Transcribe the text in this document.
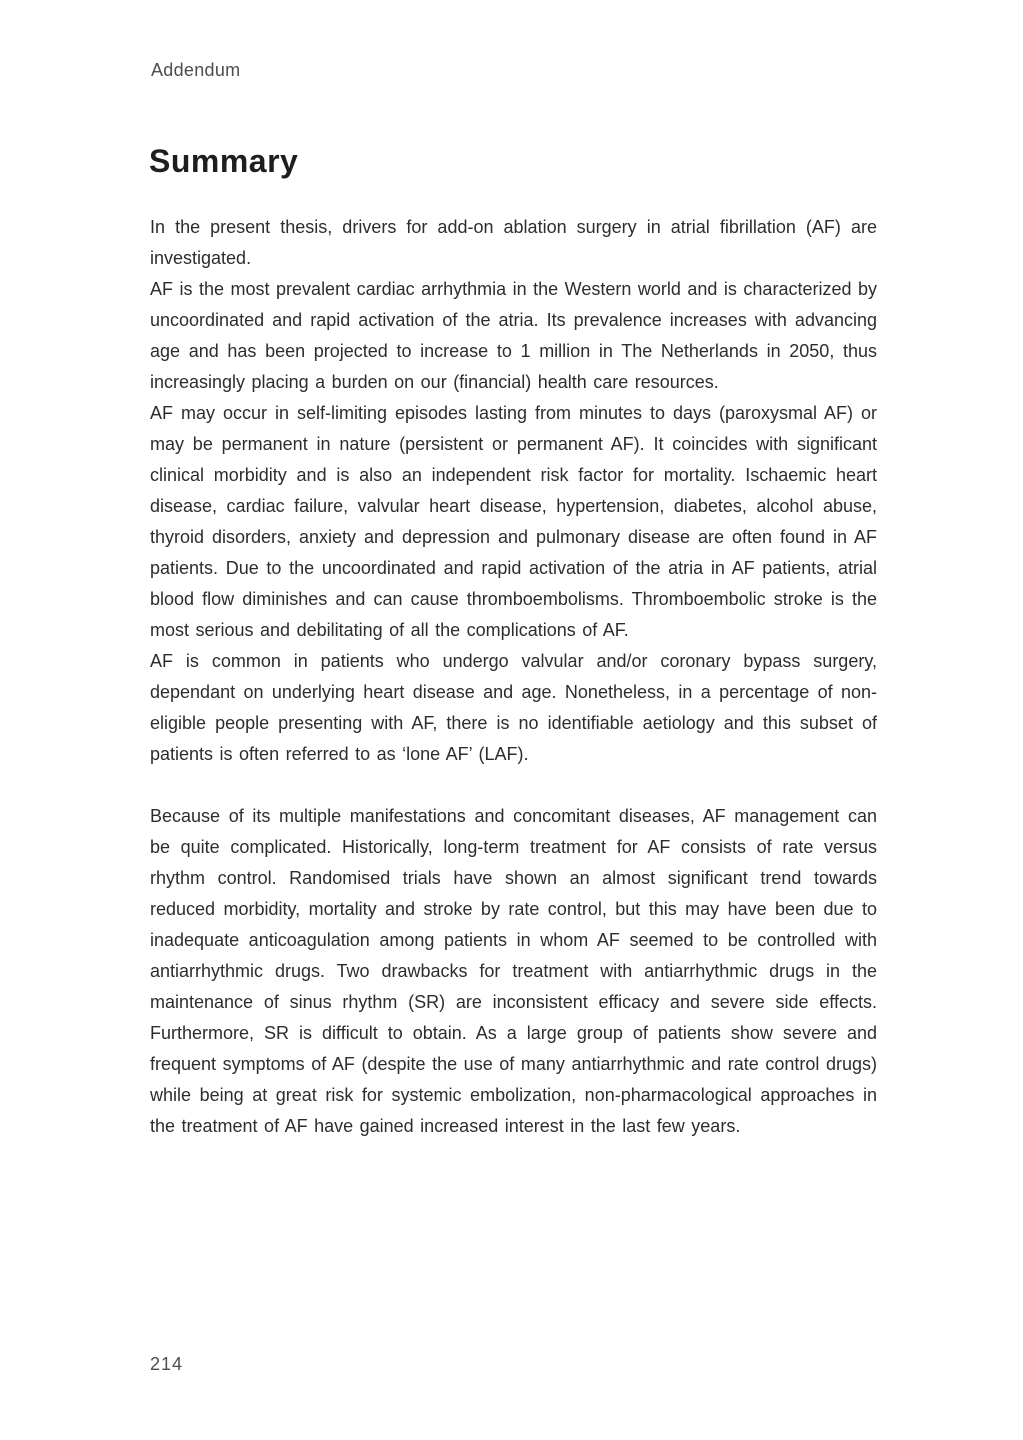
Addendum
Summary

In the present thesis, drivers for add-on ablation surgery in atrial fibrillation (AF) are investigated.

AF is the most prevalent cardiac arrhythmia in the Western world and is characterized by uncoordinated and rapid activation of the atria. Its prevalence increases with advancing age and has been projected to increase to 1 million in The Netherlands in 2050, thus increasingly placing a burden on our (financial) health care resources.

AF may occur in self-limiting episodes lasting from minutes to days (paroxysmal AF) or may be permanent in nature (persistent or permanent AF). It coincides with significant clinical morbidity and is also an independent risk factor for mortality. Ischaemic heart disease, cardiac failure, valvular heart disease, hypertension, diabetes, alcohol abuse, thyroid disorders, anxiety and depression and pulmonary disease are often found in AF patients. Due to the uncoordinated and rapid activation of the atria in AF patients, atrial blood flow diminishes and can cause thromboembolisms. Thromboembolic stroke is the most serious and debilitating of all the complications of AF.

AF is common in patients who undergo valvular and/or coronary bypass surgery, dependant on underlying heart disease and age. Nonetheless, in a percentage of non-eligible people presenting with AF, there is no identifiable aetiology and this subset of patients is often referred to as ‘lone AF’ (LAF).

Because of its multiple manifestations and concomitant diseases, AF management can be quite complicated. Historically, long-term treatment for AF consists of rate versus rhythm control. Randomised trials have shown an almost significant trend towards reduced morbidity, mortality and stroke by rate control, but this may have been due to inadequate anticoagulation among patients in whom AF seemed to be controlled with antiarrhythmic drugs. Two drawbacks for treatment with antiarrhythmic drugs in the maintenance of sinus rhythm (SR) are inconsistent efficacy and severe side effects. Furthermore, SR is difficult to obtain. As a large group of patients show severe and frequent symptoms of AF (despite the use of many antiarrhythmic and rate control drugs) while being at great risk for systemic embolization, non-pharmacological approaches in the treatment of AF have gained increased interest in the last few years.

214
